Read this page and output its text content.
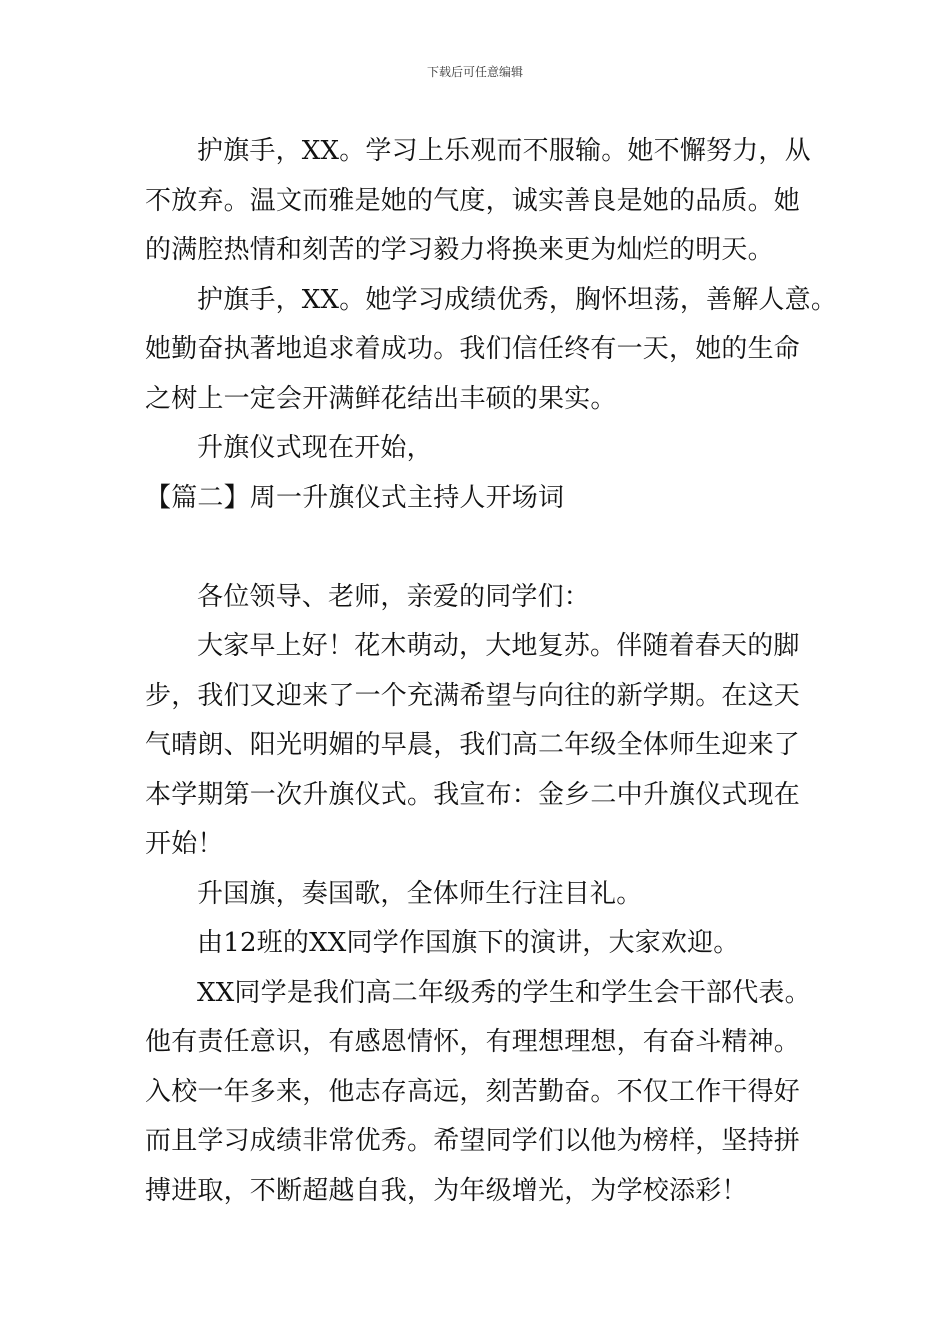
下载后可任意编辑
护旗手，XX。学习上乐观而不服输。她不懈努力，从
不放弃。温文而雅是她的气度，诚实善良是她的品质。她
的满腔热情和刻苦的学习毅力将换来更为灿烂的明天。
护旗手，XX。她学习成绩优秀，胸怀坦荡，善解人意。
她勤奋执著地追求着成功。我们信任终有一天，她的生命
之树上一定会开满鲜花结出丰硕的果实。
升旗仪式现在开始，
【篇二】周一升旗仪式主持人开场词
各位领导、老师，亲爱的同学们：
大家早上好！花木萌动，大地复苏。伴随着春天的脚
步，我们又迎来了一个充满希望与向往的新学期。在这天
气晴朗、阳光明媚的早晨，我们高二年级全体师生迎来了
本学期第一次升旗仪式。我宣布：金乡二中升旗仪式现在
开始！
升国旗，奏国歌，全体师生行注目礼。
由12班的XX同学作国旗下的演讲，大家欢迎。
XX同学是我们高二年级秀的学生和学生会干部代表。
他有责任意识，有感恩情怀，有理想理想，有奋斗精神。
入校一年多来，他志存高远，刻苦勤奋。不仅工作干得好
而且学习成绩非常优秀。希望同学们以他为榜样，坚持拼
搏进取，不断超越自我，为年级增光，为学校添彩！
